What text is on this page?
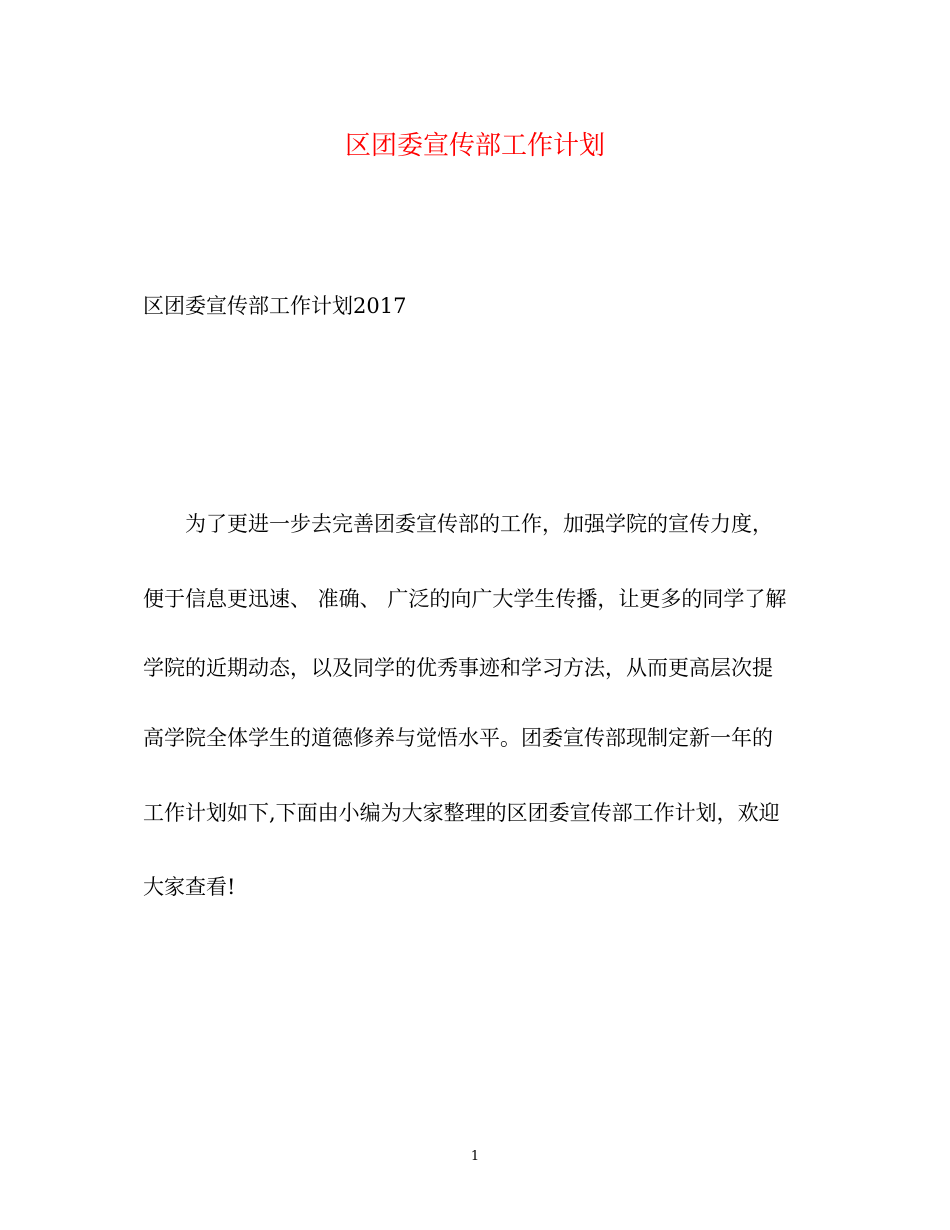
区团委宣传部工作计划

区团委宣传部工作计划2017

为了更进一步去完善团委宣传部的工作，加强学院的宣传力度，

便于信息更迅速、 准确、 广泛的向广大学生传播，让更多的同学了解

学院的近期动态，以及同学的优秀事迹和学习方法，从而更高层次提

高学院全体学生的道德修养与觉悟水平。团委宣传部现制定新一年的

工作计划如下,下面由小编为大家整理的区团委宣传部工作计划，欢迎

大家查看!

1
